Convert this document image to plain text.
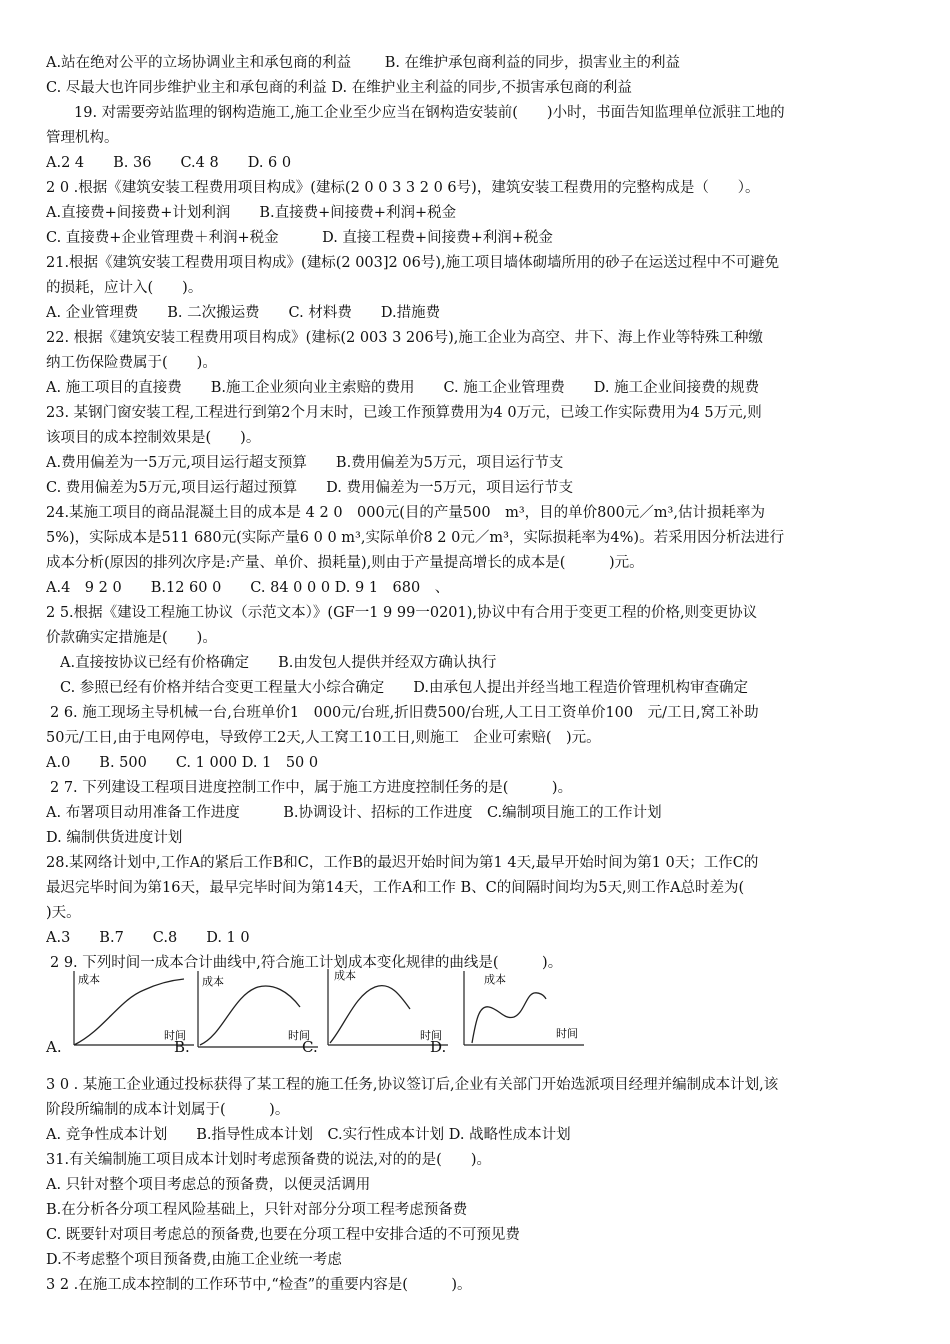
A.站在绝对公平的立场协调业主和承包商的利益　　 B. 在维护承包商利益的同步，损害业主的利益
C. 尽最大也许同步维护业主和承包商的利益 D. 在维护业主利益的同步,不损害承包商的利益
19. 对需要旁站监理的钢构造施工,施工企业至少应当在钢构造安装前(　　)小时，书面告知监理单位派驻工地的
管理机构。
A.2 4　　B. 36　　C.4 8　　D. 6 0
2 0 .根据《建筑安装工程费用项目构成》(建标(2 0 0 3 3 2 0 6号)，建筑安装工程费用的完整构成是（　　）。
A.直接费+间接费+计划利润　　B.直接费+间接费+利润+税金
C. 直接费+企业管理费＋利润+税金　　　D. 直接工程费+间接费+利润+税金
21.根据《建筑安装工程费用项目构成》(建标(2 003]2 06号),施工项目墙体砌墙所用的砂子在运送过程中不可避免
的损耗，应计入(　　)。
A. 企业管理费　　B. 二次搬运费　　C. 材料费　　D.措施费
22. 根据《建筑安装工程费用项目构成》(建标(2 003 3 206号),施工企业为高空、井下、海上作业等特殊工种缴
纳工伤保险费属于(　　)。
A. 施工项目的直接费　　B.施工企业须向业主索赔的费用　　C. 施工企业管理费　　D. 施工企业间接费的规费
23. 某钢门窗安装工程,工程进行到第2个月末时，已竣工作预算费用为4 0万元，已竣工作实际费用为4 5万元,则
该项目的成本控制效果是(　　)。
A.费用偏差为一5万元,项目运行超支预算　　B.费用偏差为5万元，项目运行节支
C. 费用偏差为5万元,项目运行超过预算　　D. 费用偏差为一5万元，项目运行节支
24.某施工项目的商品混凝土目的成本是 4 2 0　000元(目的产量500　m³，目的单价800元／m³,估计损耗率为
5%)，实际成本是511 680元(实际产量6 0 0 m³,实际单价8 2 0元／m³，实际损耗率为4%)。若采用因分析法进行
成本分析(原因的排列次序是:产量、单价、损耗量),则由于产量提高增长的成本是(　　　)元。
A.4　9 2 0　　B.12 60 0　　C. 84 0 0 0 D. 9 1　680　、
2 5.根据《建设工程施工协议（示范文本）》(GF一1 9 99一0201),协议中有合用于变更工程的价格,则变更协议
价款确实定措施是(　　)。
A.直接按协议已经有价格确定　　B.由发包人提供并经双方确认执行
C. 参照已经有价格并结合变更工程量大小综合确定　　D.由承包人提出并经当地工程造价管理机构审查确定
2 6. 施工现场主导机械一台,台班单价1　000元/台班,折旧费500/台班,人工日工资单价100　元/工日,窝工补助
50元/工日,由于电网停电，导致停工2天,人工窝工10工日,则施工　企业可索赔(　)元。
A.0　　B. 500　　C. 1 000 D. 1　50 0
2 7. 下列建设工程项目进度控制工作中，属于施工方进度控制任务的是(　　　)。
A. 布署项目动用准备工作进度　　　B.协调设计、招标的工作进度　C.编制项目施工的工作计划
D. 编制供货进度计划
28.某网络计划中,工作A的紧后工作B和C，工作B的最迟开始时间为第1 4天,最早开始时间为第1 0天；工作C的
最迟完毕时间为第16天，最早完毕时间为第14天，工作A和工作 B、C的间隔时间均为5天,则工作A总时差为(
)天。
A.3　　B.7　　C.8　　D. 1 0
2 9. 下列时间一成本合计曲线中,符合施工计划成本变化规律的曲线是(　　　)。
A.
成本
时间
B.
成本
时间
C.
成本
时间
D.
成本
时间
3 0 . 某施工企业通过投标获得了某工程的施工任务,协议签订后,企业有关部门开始选派项目经理并编制成本计划,该
阶段所编制的成本计划属于(　　　)。
A. 竞争性成本计划　　B.指导性成本计划　C.实行性成本计划 D. 战略性成本计划
31.有关编制施工项目成本计划时考虑预备费的说法,对的的是(　　)。
A. 只针对整个项目考虑总的预备费，以便灵活调用
B.在分析各分项工程风险基础上，只针对部分分项工程考虑预备费
C. 既要针对项目考虑总的预备费,也要在分项工程中安排合适的不可预见费
D.不考虑整个项目预备费,由施工企业统一考虑
3 2 .在施工成本控制的工作环节中,“检查”的重要内容是(　　　)。
